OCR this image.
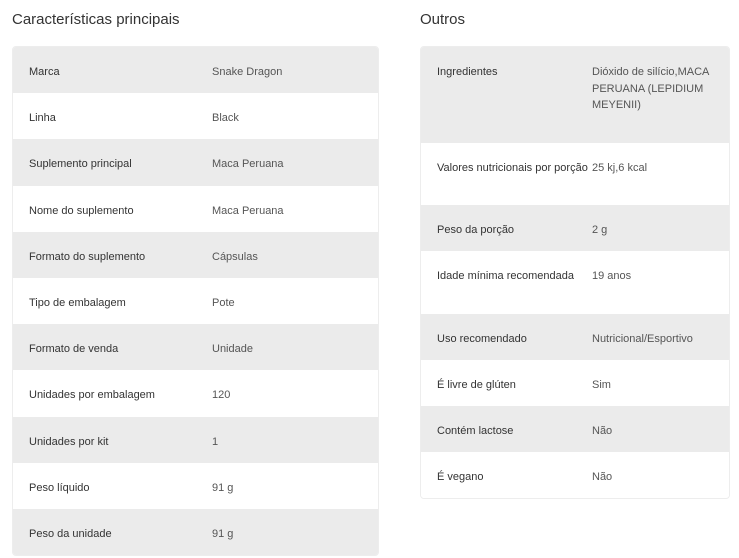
Características principais
Marca	Snake Dragon
Linha	Black
Suplemento principal	Maca Peruana
Nome do suplemento	Maca Peruana
Formato do suplemento	Cápsulas
Tipo de embalagem	Pote
Formato de venda	Unidade
Unidades por embalagem	120
Unidades por kit	1
Peso líquido	91 g
Peso da unidade	91 g
Outros
Ingredientes	Dióxido de silício,MACA PERUANA (LEPIDIUM MEYENII)
Valores nutricionais por porção 25 kj,6 kcal
Peso da porção	2 g
Idade mínima recomendada	19 anos
Uso recomendado	Nutricional/Esportivo
É livre de glúten	Sim
Contém lactose	Não
É vegano	Não
